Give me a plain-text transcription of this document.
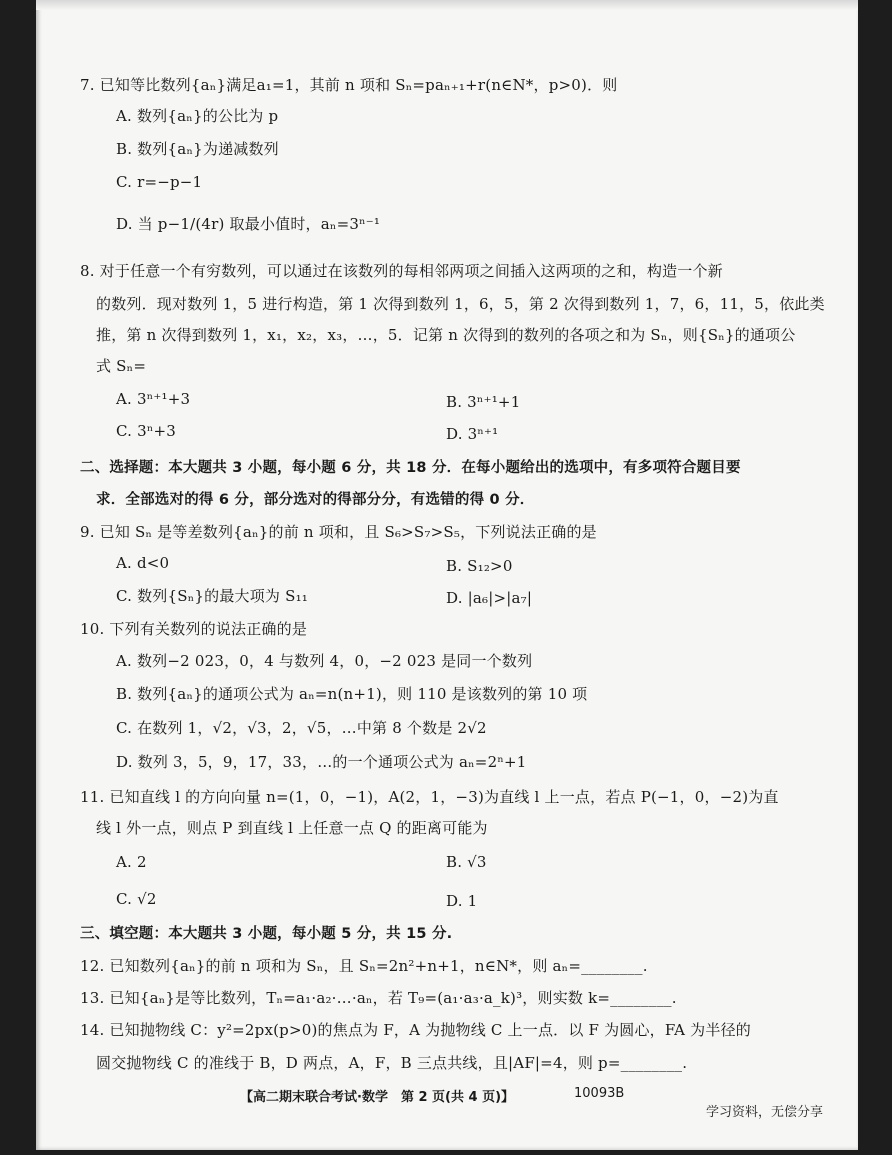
7. 已知等比数列{aₙ}满足a₁=1，其前 n 项和 Sₙ=paₙ₊₁+r(n∈N*，p>0)．则
A. 数列{aₙ}的公比为 p
B. 数列{aₙ}为递减数列
C. r=−p−1
D. 当 p−1/(4r) 取最小值时，aₙ=3ⁿ⁻¹
8. 对于任意一个有穷数列，可以通过在该数列的每相邻两项之间插入这两项的之和，构造一个新
的数列．现对数列 1，5 进行构造，第 1 次得到数列 1，6，5，第 2 次得到数列 1，7，6，11，5，依此类
推，第 n 次得到数列 1，x₁，x₂，x₃，…，5．记第 n 次得到的数列的各项之和为 Sₙ，则{Sₙ}的通项公
式 Sₙ=
A. 3ⁿ⁺¹+3	B. 3ⁿ⁺¹+1
C. 3ⁿ+3	D. 3ⁿ⁺¹
二、选择题：本大题共 3 小题，每小题 6 分，共 18 分．在每小题给出的选项中，有多项符合题目要
求．全部选对的得 6 分，部分选对的得部分分，有选错的得 0 分．
9. 已知 Sₙ 是等差数列{aₙ}的前 n 项和，且 S₆>S₇>S₅，下列说法正确的是
A. d<0	B. S₁₂>0
C. 数列{Sₙ}的最大项为 S₁₁	D. |a₆|>|a₇|
10. 下列有关数列的说法正确的是
A. 数列−2 023，0，4 与数列 4，0，−2 023 是同一个数列
B. 数列{aₙ}的通项公式为 aₙ=n(n+1)，则 110 是该数列的第 10 项
C. 在数列 1，√2，√3，2，√5，…中第 8 个数是 2√2
D. 数列 3，5，9，17，33，…的一个通项公式为 aₙ=2ⁿ+1
11. 已知直线 l 的方向向量 n=(1，0，−1)，A(2，1，−3)为直线 l 上一点，若点 P(−1，0，−2)为直
线 l 外一点，则点 P 到直线 l 上任意一点 Q 的距离可能为
A. 2	B. √3
C. √2	D. 1
三、填空题：本大题共 3 小题，每小题 5 分，共 15 分.
12. 已知数列{aₙ}的前 n 项和为 Sₙ，且 Sₙ=2n²+n+1，n∈N*，则 aₙ=________.
13. 已知{aₙ}是等比数列，Tₙ=a₁·a₂·…·aₙ，若 T₉=(a₁·a₃·a_k)³，则实数 k=________.
14. 已知抛物线 C：y²=2px(p>0)的焦点为 F，A 为抛物线 C 上一点．以 F 为圆心，FA 为半径的
圆交抛物线 C 的准线于 B，D 两点，A，F，B 三点共线，且|AF|=4，则 p=________.
【高二期末联合考试·数学　第 2 页(共 4 页)】	10093B
学习资料，无偿分享
